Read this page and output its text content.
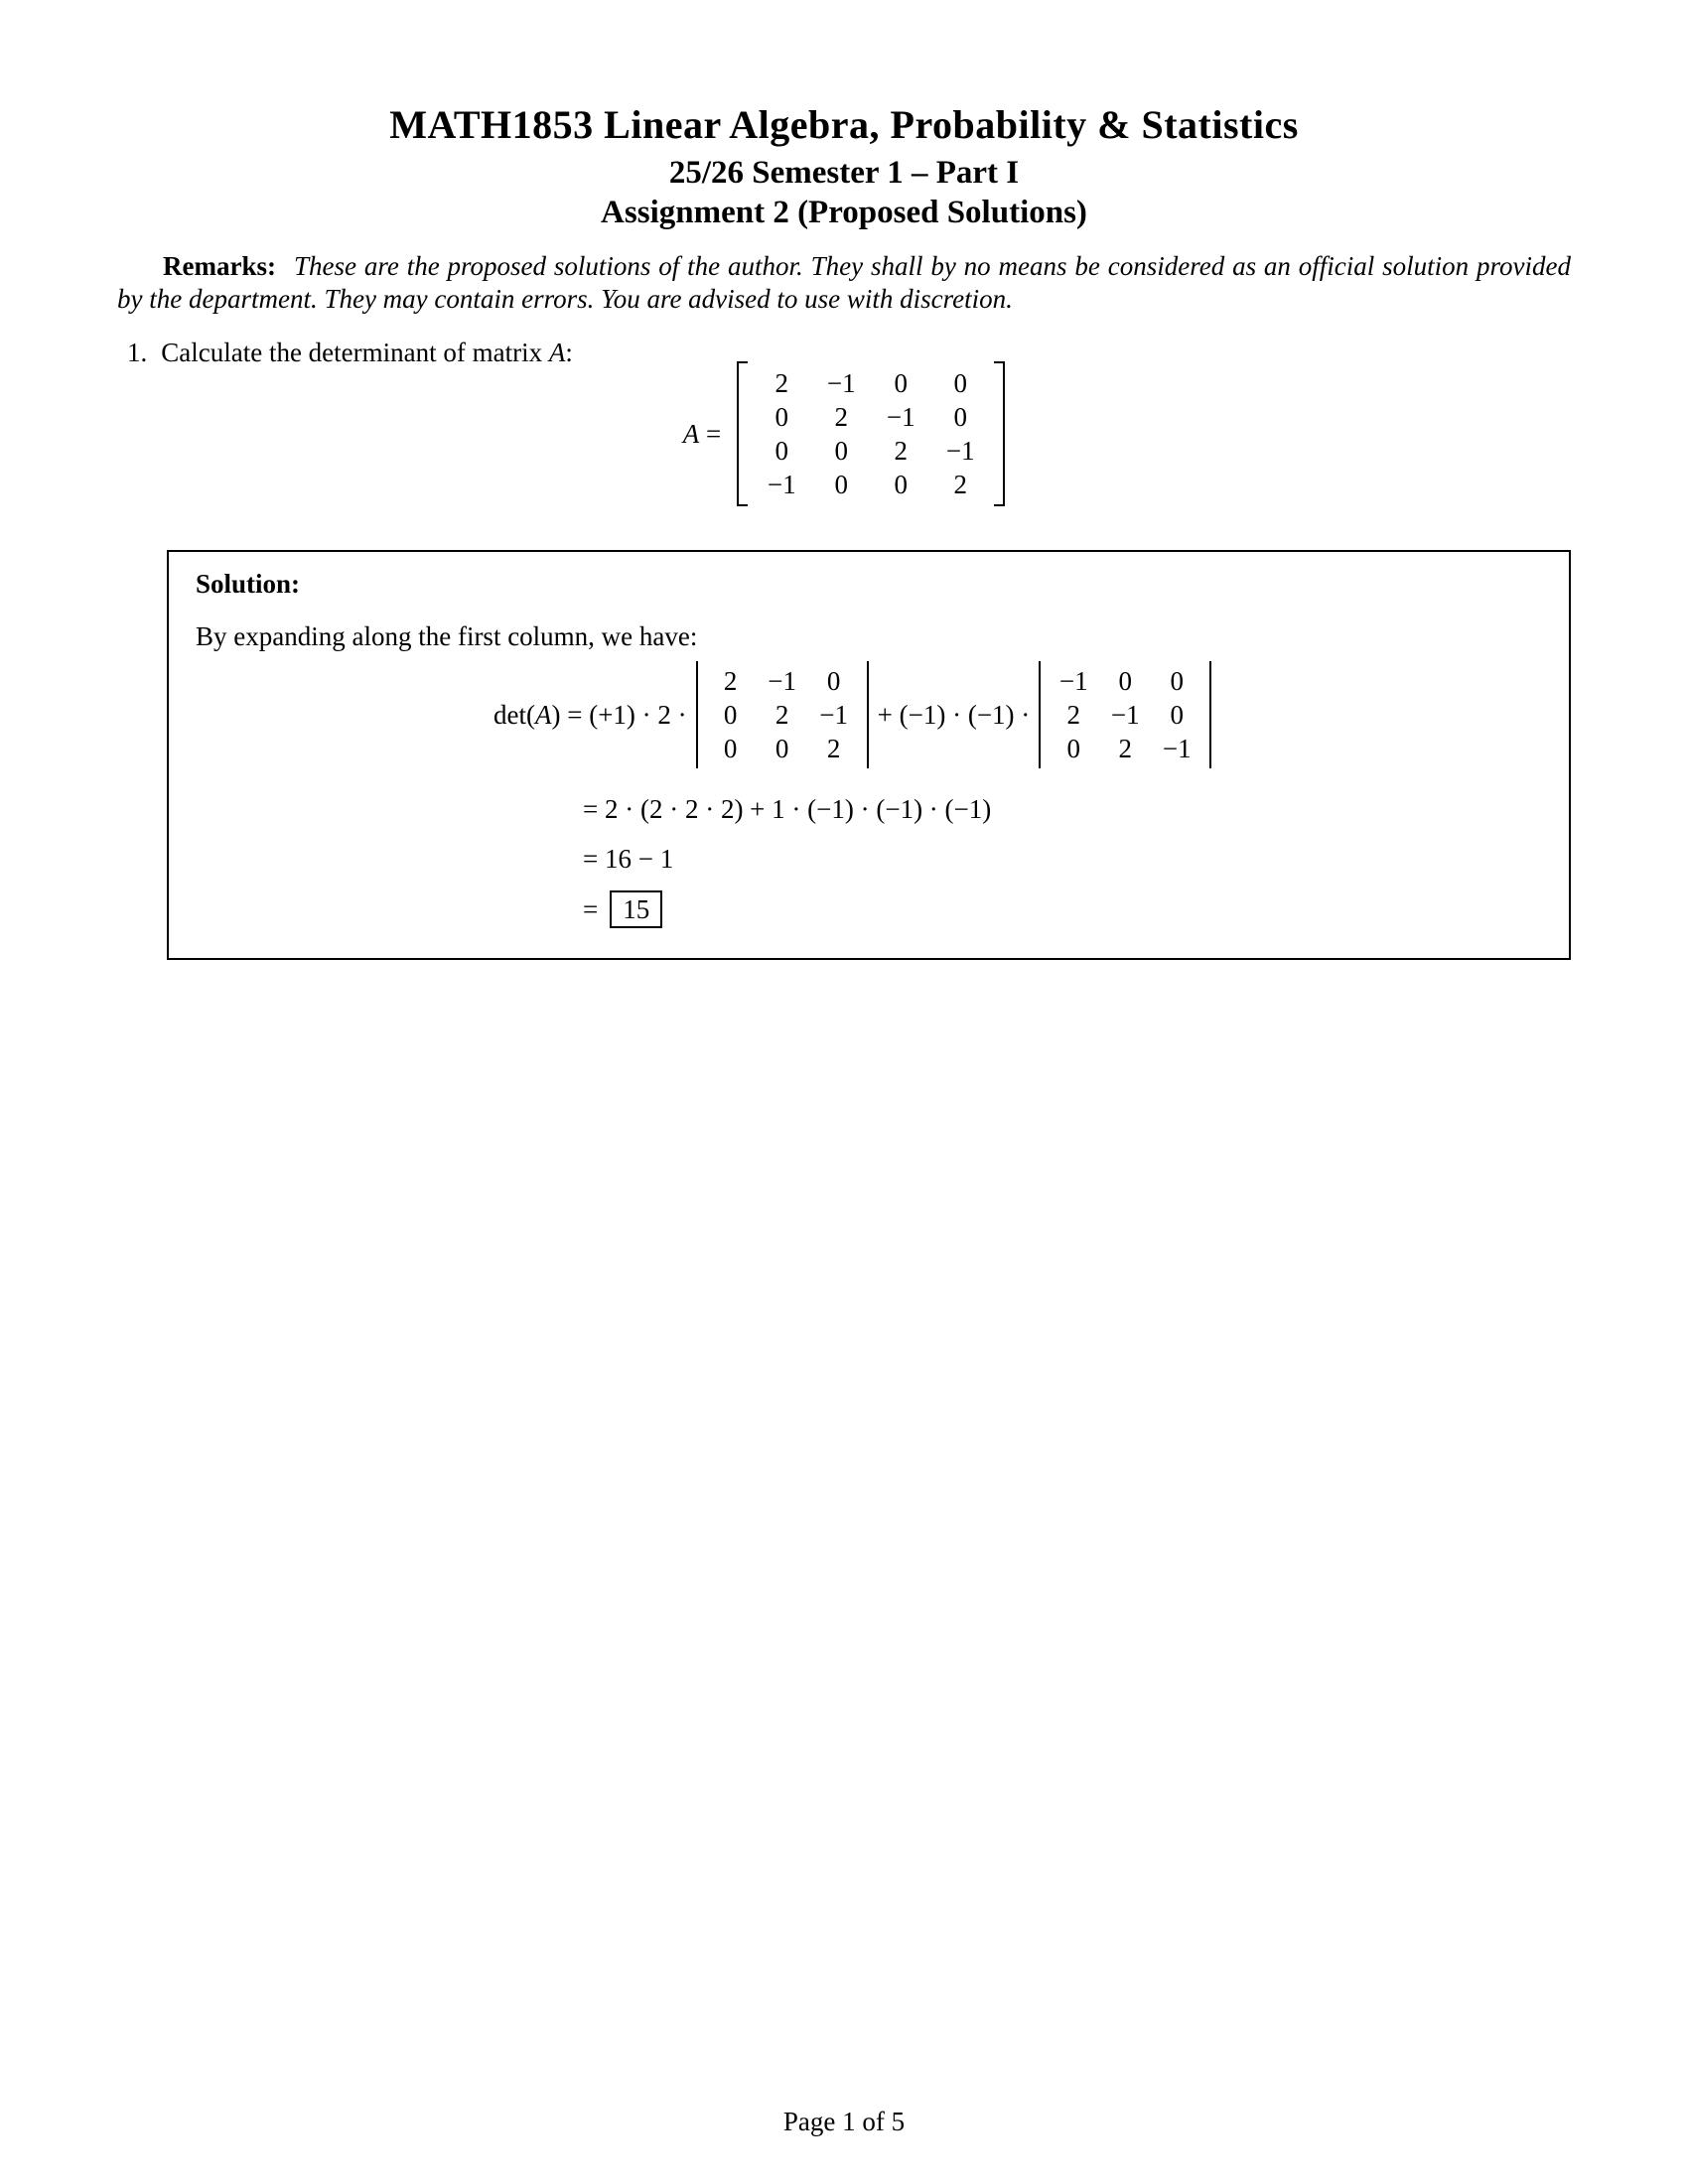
MATH1853 Linear Algebra, Probability & Statistics
25/26 Semester 1 – Part I
Assignment 2 (Proposed Solutions)

Remarks: These are the proposed solutions of the author. They shall by no means be considered as an official solution provided by the department. They may contain errors. You are advised to use with discretion.

1. Calculate the determinant of matrix A:
A =
2	−1	0	0
0	2	−1	0
0	0	2	−1
−1	0	0	2
Solution:
By expanding along the first column, we have:
det(A) = (+1) · 2 ·
2	−1	0
0	2	−1
0	0	2
+ (−1) · (−1) ·
−1	0	0
2	−1	0
0	2	−1
= 2 · (2 · 2 · 2) + 1 · (−1) · (−1) · (−1)
= 16 − 1
= 15
Page 1 of 5
